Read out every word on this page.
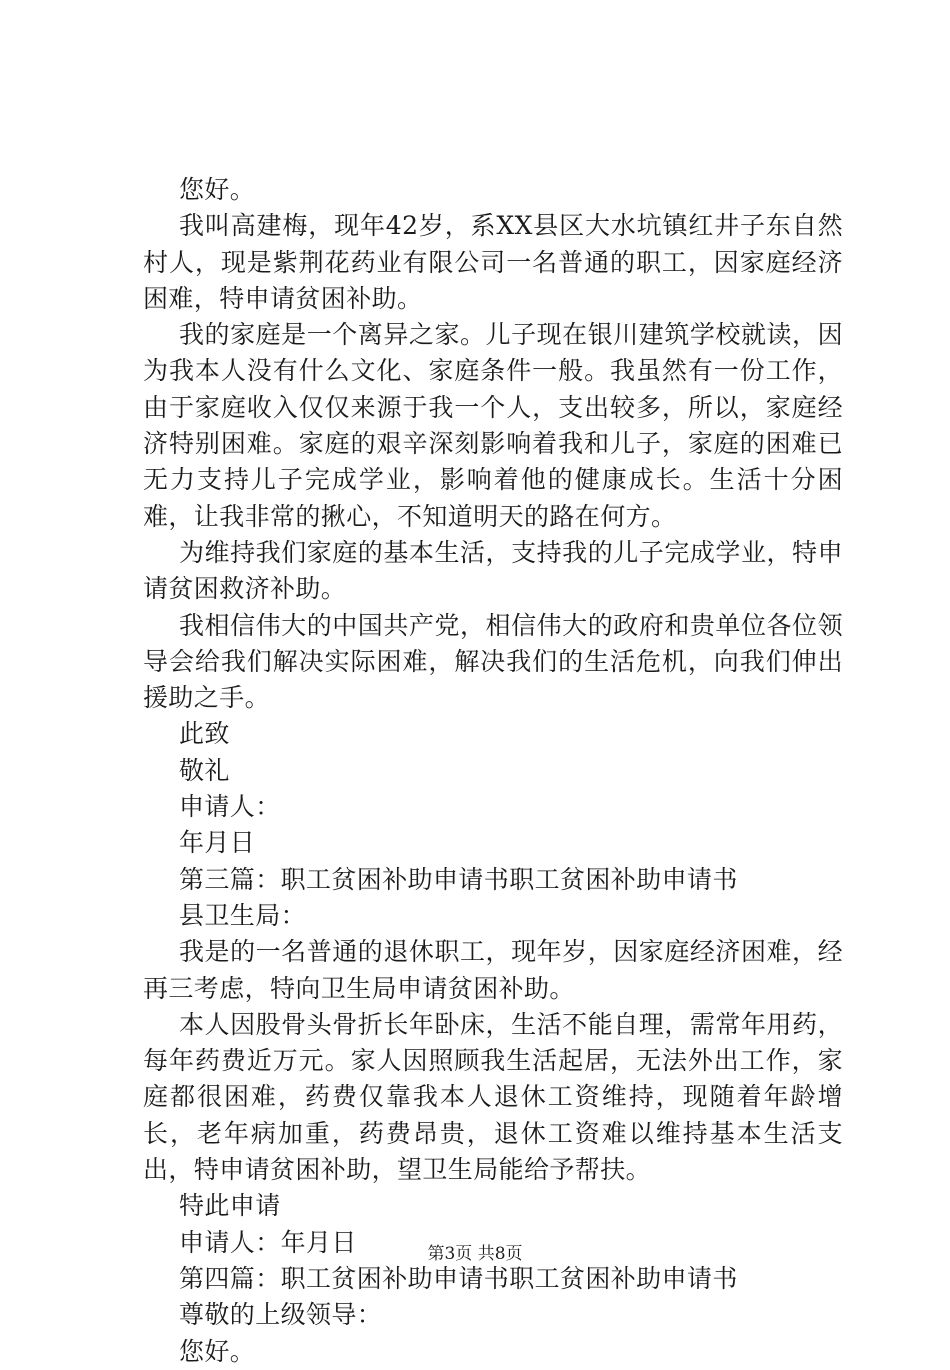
您好。

我叫高建梅，现年42岁，系XX县区大水坑镇红井子东自然村人，现是紫荆花药业有限公司一名普通的职工，因家庭经济困难，特申请贫困补助。

我的家庭是一个离异之家。儿子现在银川建筑学校就读，因为我本人没有什么文化、家庭条件一般。我虽然有一份工作，由于家庭收入仅仅来源于我一个人，支出较多，所以，家庭经济特别困难。家庭的艰辛深刻影响着我和儿子，家庭的困难已无力支持儿子完成学业，影响着他的健康成长。生活十分困难，让我非常的揪心，不知道明天的路在何方。

为维持我们家庭的基本生活，支持我的儿子完成学业，特申请贫困救济补助。

我相信伟大的中国共产党，相信伟大的政府和贵单位各位领导会给我们解决实际困难，解决我们的生活危机，向我们伸出援助之手。

此致

敬礼

申请人：

年月日

第三篇：职工贫困补助申请书职工贫困补助申请书

县卫生局：

我是的一名普通的退休职工，现年岁，因家庭经济困难，经再三考虑，特向卫生局申请贫困补助。

本人因股骨头骨折长年卧床，生活不能自理，需常年用药，每年药费近万元。家人因照顾我生活起居，无法外出工作，家庭都很困难，药费仅靠我本人退休工资维持，现随着年龄增长，老年病加重，药费昂贵，退休工资难以维持基本生活支出，特申请贫困补助，望卫生局能给予帮扶。

特此申请

申请人：年月日

第四篇：职工贫困补助申请书职工贫困补助申请书

尊敬的上级领导：

您好。

第3页 共8页
